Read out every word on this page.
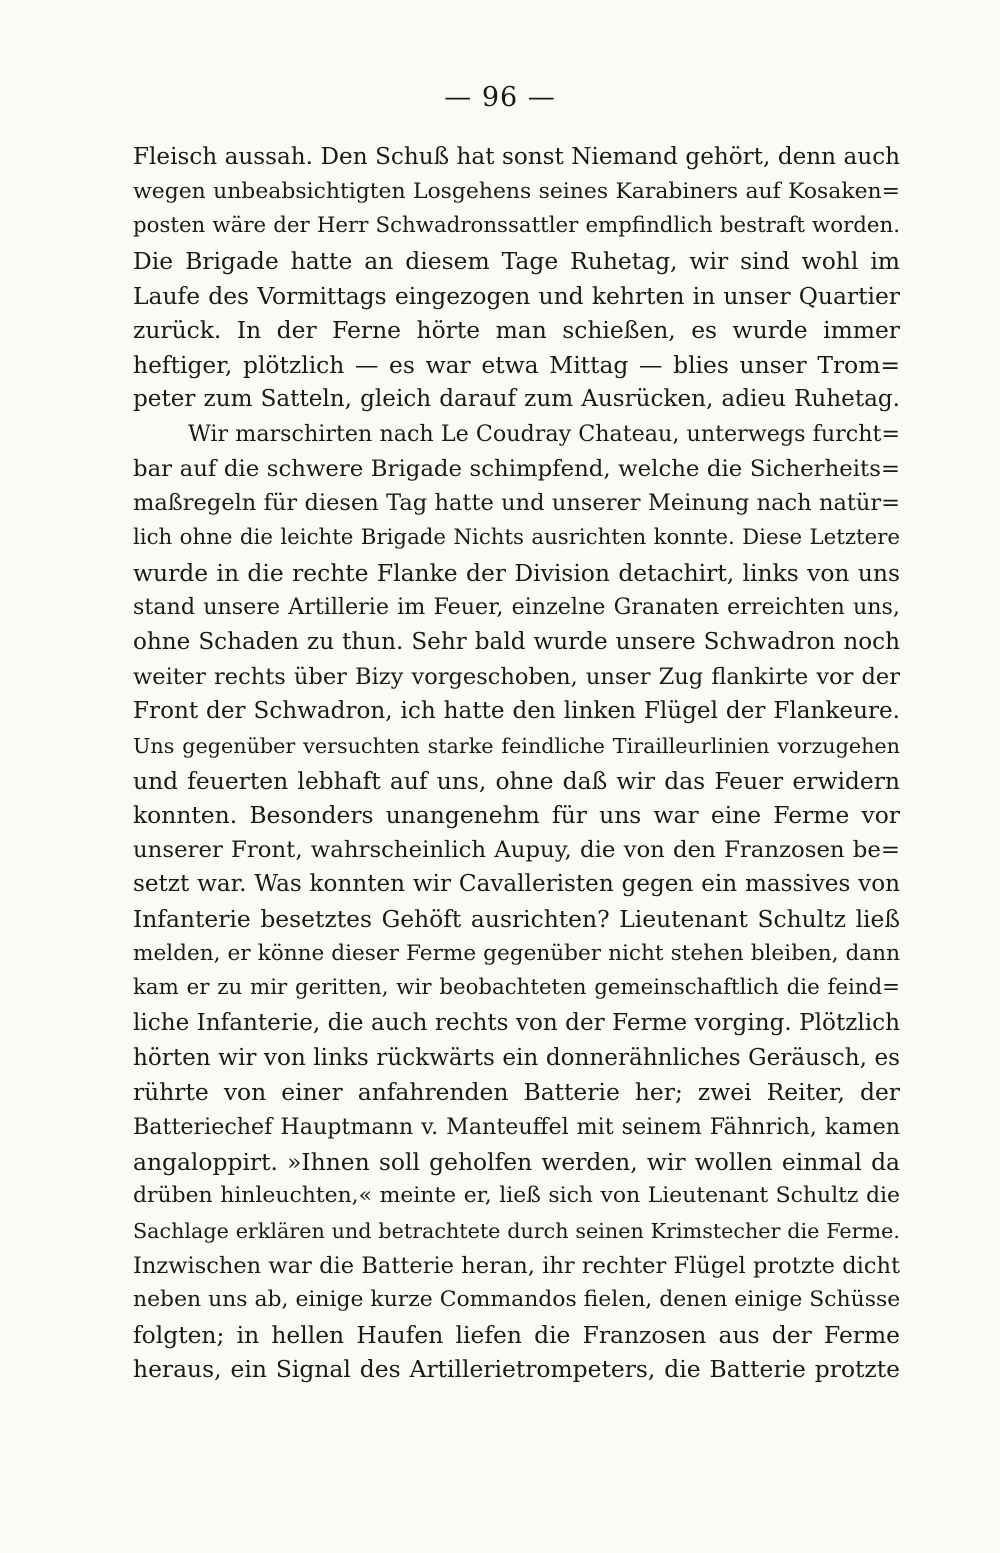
— 96 —
Fleisch aussah. Den Schuß hat sonst Niemand gehört, denn auch
wegen unbeabsichtigten Losgehens seines Karabiners auf Kosaken=
posten wäre der Herr Schwadronssattler empfindlich bestraft worden.
Die Brigade hatte an diesem Tage Ruhetag, wir sind wohl im
Laufe des Vormittags eingezogen und kehrten in unser Quartier
zurück. In der Ferne hörte man schießen, es wurde immer
heftiger, plötzlich — es war etwa Mittag — blies unser Trom=
peter zum Satteln, gleich darauf zum Ausrücken, adieu Ruhetag.
Wir marschirten nach Le Coudray Chateau, unterwegs furcht=
bar auf die schwere Brigade schimpfend, welche die Sicherheits=
maßregeln für diesen Tag hatte und unserer Meinung nach natür=
lich ohne die leichte Brigade Nichts ausrichten konnte. Diese Letztere
wurde in die rechte Flanke der Division detachirt, links von uns
stand unsere Artillerie im Feuer, einzelne Granaten erreichten uns,
ohne Schaden zu thun. Sehr bald wurde unsere Schwadron noch
weiter rechts über Bizy vorgeschoben, unser Zug flankirte vor der
Front der Schwadron, ich hatte den linken Flügel der Flankeure.
Uns gegenüber versuchten starke feindliche Tirailleurlinien vorzugehen
und feuerten lebhaft auf uns, ohne daß wir das Feuer erwidern
konnten. Besonders unangenehm für uns war eine Ferme vor
unserer Front, wahrscheinlich Aupuy, die von den Franzosen be=
setzt war. Was konnten wir Cavalleristen gegen ein massives von
Infanterie besetztes Gehöft ausrichten? Lieutenant Schultz ließ
melden, er könne dieser Ferme gegenüber nicht stehen bleiben, dann
kam er zu mir geritten, wir beobachteten gemeinschaftlich die feind=
liche Infanterie, die auch rechts von der Ferme vorging. Plötzlich
hörten wir von links rückwärts ein donnerähnliches Geräusch, es
rührte von einer anfahrenden Batterie her; zwei Reiter, der
Batteriechef Hauptmann v. Manteuffel mit seinem Fähnrich, kamen
angaloppirt. »Ihnen soll geholfen werden, wir wollen einmal da
drüben hinleuchten,« meinte er, ließ sich von Lieutenant Schultz die
Sachlage erklären und betrachtete durch seinen Krimstecher die Ferme.
Inzwischen war die Batterie heran, ihr rechter Flügel protzte dicht
neben uns ab, einige kurze Commandos fielen, denen einige Schüsse
folgten; in hellen Haufen liefen die Franzosen aus der Ferme
heraus, ein Signal des Artillerietrompeters, die Batterie protzte
